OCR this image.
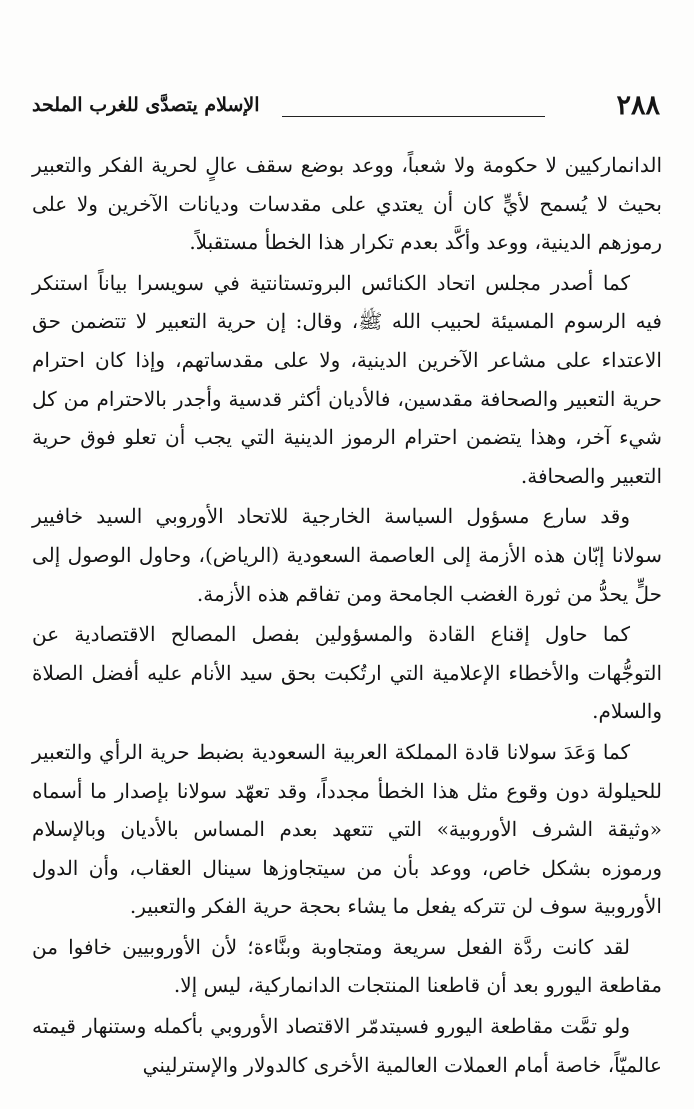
٢٨٨
الإسلام يتصدَّى للغرب الملحد

الدانماركيين لا حكومة ولا شعباً، ووعد بوضع سقف عالٍ لحرية الفكر والتعبير بحيث لا يُسمح لأيٍّ كان أن يعتدي على مقدسات وديانات الآخرين ولا على رموزهم الدينية، ووعد وأكَّد بعدم تكرار هذا الخطأ مستقبلاً.

كما أصدر مجلس اتحاد الكنائس البروتستانتية في سويسرا بياناً استنكر فيه الرسوم المسيئة لحبيب الله ﷺ، وقال: إن حرية التعبير لا تتضمن حق الاعتداء على مشاعر الآخرين الدينية، ولا على مقدساتهم، وإذا كان احترام حرية التعبير والصحافة مقدسين، فالأديان أكثر قدسية وأجدر بالاحترام من كل شيء آخر، وهذا يتضمن احترام الرموز الدينية التي يجب أن تعلو فوق حرية التعبير والصحافة.

وقد سارع مسؤول السياسة الخارجية للاتحاد الأوروبي السيد خافيير سولانا إبّان هذه الأزمة إلى العاصمة السعودية (الرياض)، وحاول الوصول إلى حلٍّ يحدُّ من ثورة الغضب الجامحة ومن تفاقم هذه الأزمة.

كما حاول إقناع القادة والمسؤولين بفصل المصالح الاقتصادية عن التوجُّهات والأخطاء الإعلامية التي ارتُكبت بحق سيد الأنام عليه أفضل الصلاة والسلام.

كما وَعَدَ سولانا قادة المملكة العربية السعودية بضبط حرية الرأي والتعبير للحيلولة دون وقوع مثل هذا الخطأ مجدداً، وقد تعهّد سولانا بإصدار ما أسماه «وثيقة الشرف الأوروبية» التي تتعهد بعدم المساس بالأديان وبالإسلام ورموزه بشكل خاص، ووعد بأن من سيتجاوزها سينال العقاب، وأن الدول الأوروبية سوف لن تتركه يفعل ما يشاء بحجة حرية الفكر والتعبير.

لقد كانت ردَّة الفعل سريعة ومتجاوبة وبنَّاءة؛ لأن الأوروبيين خافوا من مقاطعة اليورو بعد أن قاطعنا المنتجات الدانماركية، ليس إلا.

ولو تمَّت مقاطعة اليورو فسيتدمّر الاقتصاد الأوروبي بأكمله وستنهار قيمته عالميّاً، خاصة أمام العملات العالمية الأخرى كالدولار والإسترليني
